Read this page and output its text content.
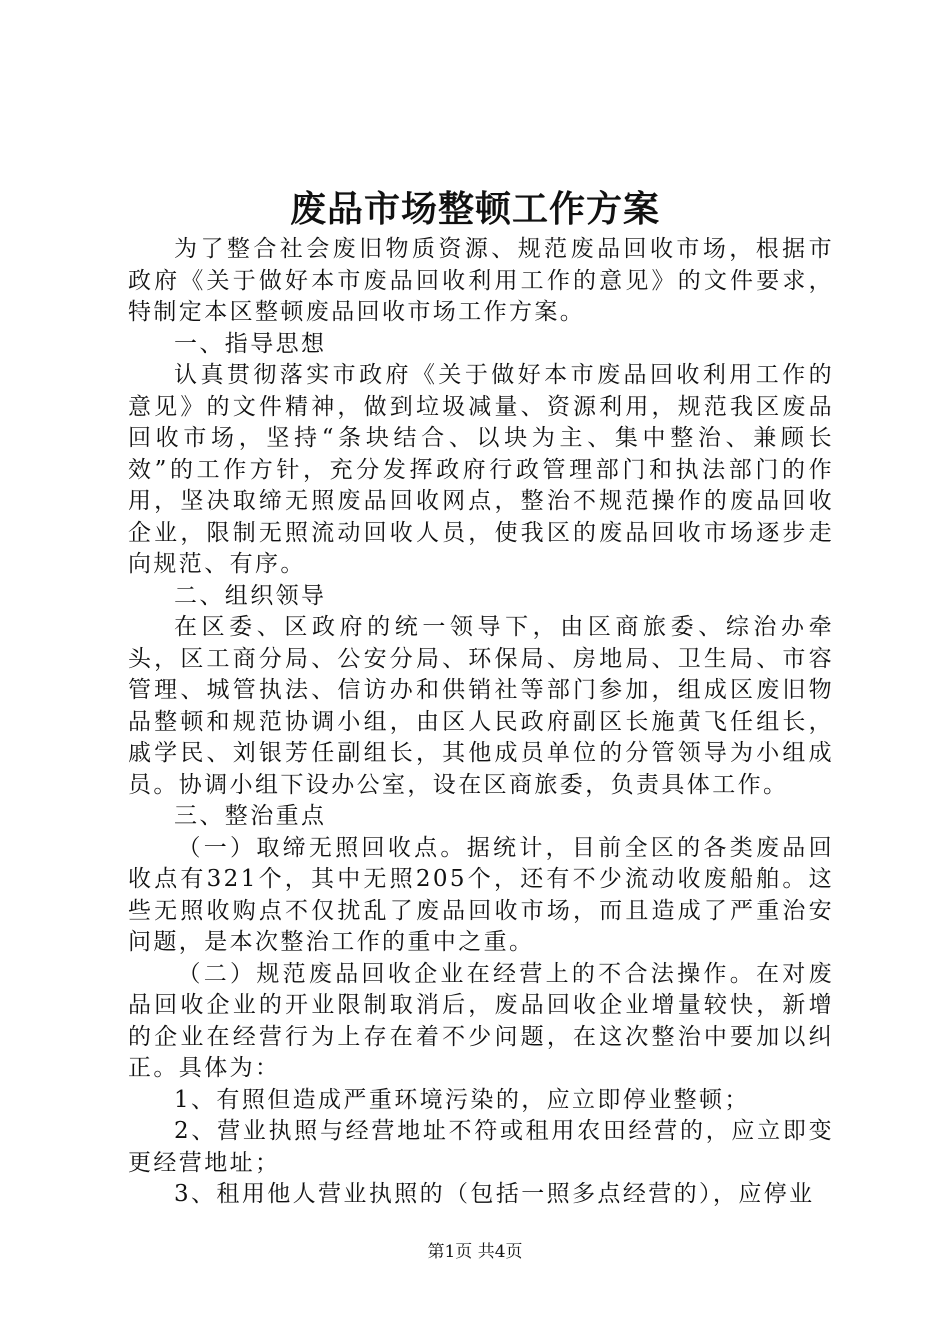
废品市场整顿工作方案

为了整合社会废旧物质资源、规范废品回收市场，根据市政府《关于做好本市废品回收利用工作的意见》的文件要求，特制定本区整顿废品回收市场工作方案。

一、指导思想

认真贯彻落实市政府《关于做好本市废品回收利用工作的意见》的文件精神，做到垃圾减量、资源利用，规范我区废品回收市场，坚持“条块结合、以块为主、集中整治、兼顾长效”的工作方针，充分发挥政府行政管理部门和执法部门的作用，坚决取缔无照废品回收网点，整治不规范操作的废品回收企业，限制无照流动回收人员，使我区的废品回收市场逐步走向规范、有序。

二、组织领导

在区委、区政府的统一领导下，由区商旅委、综治办牵头，区工商分局、公安分局、环保局、房地局、卫生局、市容管理、城管执法、信访办和供销社等部门参加，组成区废旧物品整顿和规范协调小组，由区人民政府副区长施黄飞任组长，戚学民、刘银芳任副组长，其他成员单位的分管领导为小组成员。协调小组下设办公室，设在区商旅委，负责具体工作。

三、整治重点

（一）取缔无照回收点。据统计，目前全区的各类废品回收点有321个，其中无照205个，还有不少流动收废船舶。这些无照收购点不仅扰乱了废品回收市场，而且造成了严重治安问题，是本次整治工作的重中之重。

（二）规范废品回收企业在经营上的不合法操作。在对废品回收企业的开业限制取消后，废品回收企业增量较快，新增的企业在经营行为上存在着不少问题，在这次整治中要加以纠正。具体为：

1、有照但造成严重环境污染的，应立即停业整顿；

2、营业执照与经营地址不符或租用农田经营的，应立即变更经营地址；

3、租用他人营业执照的（包括一照多点经营的），应停业

第1页 共4页
